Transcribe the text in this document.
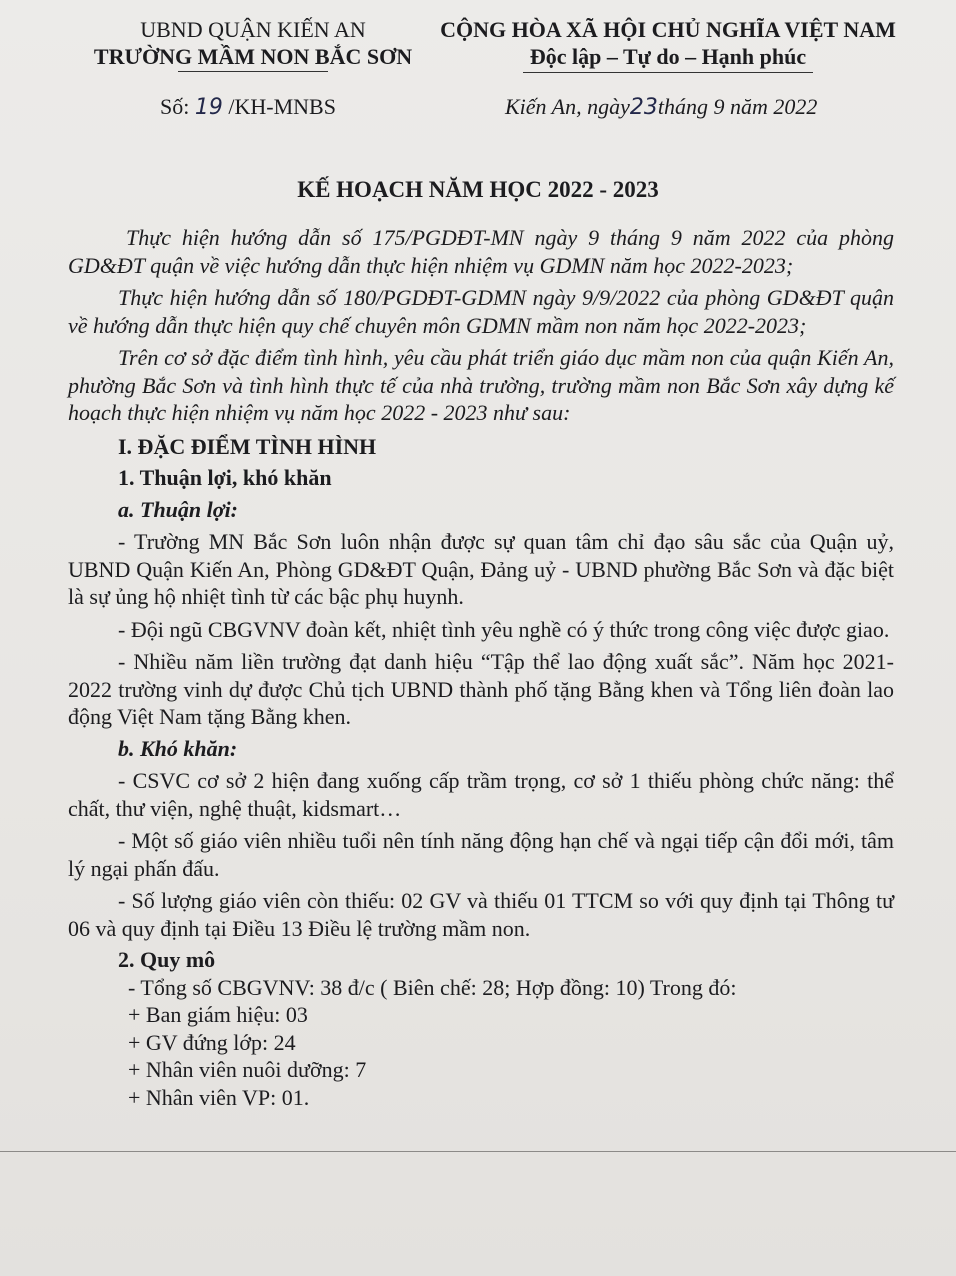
UBND QUẬN KIẾN AN
TRƯỜNG MẦM NON BẮC SƠN
CỘNG HÒA XÃ HỘI CHỦ NGHĨA VIỆT NAM
Độc lập – Tự do – Hạnh phúc
Số: 19 /KH-MNBS	Kiến An, ngày23tháng 9 năm 2022
KẾ HOẠCH NĂM HỌC 2022 - 2023

Thực hiện hướng dẫn số 175/PGDĐT-MN ngày 9 tháng 9 năm 2022 của phòng GD&ĐT quận về việc hướng dẫn thực hiện nhiệm vụ GDMN năm học 2022-2023;

Thực hiện hướng dẫn số 180/PGDĐT-GDMN ngày 9/9/2022 của phòng GD&ĐT quận về hướng dẫn thực hiện quy chế chuyên môn GDMN mầm non năm học 2022-2023;

Trên cơ sở đặc điểm tình hình, yêu cầu phát triển giáo dục mầm non của quận Kiến An, phường Bắc Sơn và tình hình thực tế của nhà trường, trường mầm non Bắc Sơn xây dựng kế hoạch thực hiện nhiệm vụ năm học 2022 - 2023 như sau:

I. ĐẶC ĐIỂM TÌNH HÌNH

1. Thuận lợi, khó khăn

a. Thuận lợi:

- Trường MN Bắc Sơn luôn nhận được sự quan tâm chỉ đạo sâu sắc của Quận uỷ, UBND Quận Kiến An, Phòng GD&ĐT Quận, Đảng uỷ - UBND phường Bắc Sơn và đặc biệt là sự ủng hộ nhiệt tình từ các bậc phụ huynh.

- Đội ngũ CBGVNV đoàn kết, nhiệt tình yêu nghề có ý thức trong công việc được giao.

- Nhiều năm liền trường đạt danh hiệu “Tập thể lao động xuất sắc”. Năm học 2021-2022 trường vinh dự được Chủ tịch UBND thành phố tặng Bằng khen và Tổng liên đoàn lao động Việt Nam tặng Bằng khen.

b. Khó khăn:

- CSVC cơ sở 2 hiện đang xuống cấp trầm trọng, cơ sở 1 thiếu phòng chức năng: thể chất, thư viện, nghệ thuật, kidsmart…

- Một số giáo viên nhiều tuổi nên tính năng động hạn chế và ngại tiếp cận đổi mới, tâm lý ngại phấn đấu.

- Số lượng giáo viên còn thiếu: 02 GV và thiếu 01 TTCM so với quy định tại Thông tư 06 và quy định tại Điều 13 Điều lệ trường mầm non.

2. Quy mô

- Tổng số CBGVNV: 38 đ/c ( Biên chế: 28; Hợp đồng: 10) Trong đó:

+ Ban giám hiệu: 03

+ GV đứng lớp: 24

+ Nhân viên nuôi dưỡng: 7

+ Nhân viên VP: 01.
